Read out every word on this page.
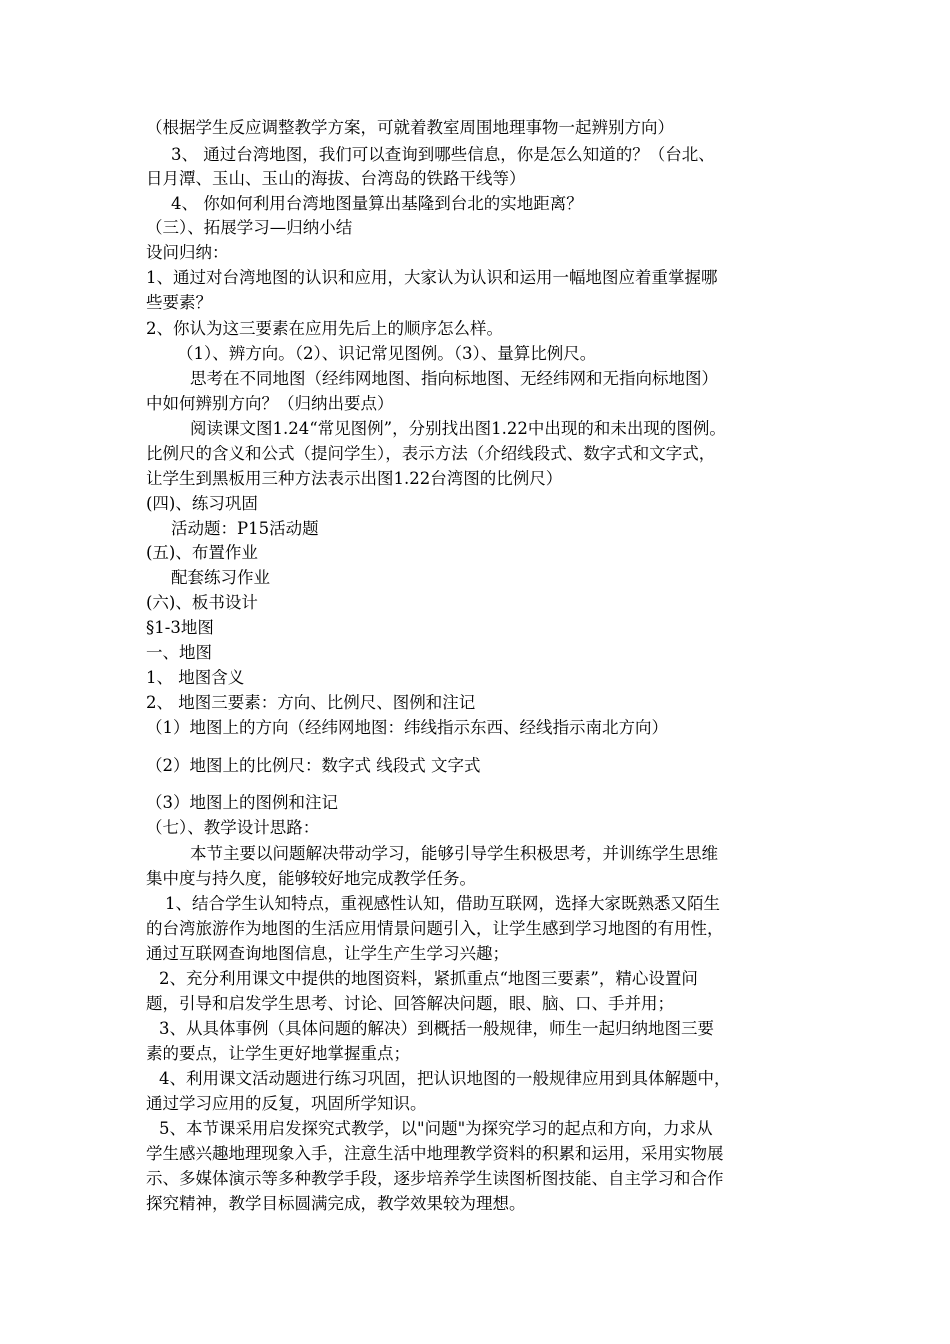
（根据学生反应调整教学方案，可就着教室周围地理事物一起辨别方向）
3、 通过台湾地图，我们可以查询到哪些信息，你是怎么知道的？（台北、
日月潭、玉山、玉山的海拔、台湾岛的铁路干线等）
4、 你如何利用台湾地图量算出基隆到台北的实地距离？
（三）、拓展学习—归纳小结
设问归纳：
1、通过对台湾地图的认识和应用，大家认为认识和运用一幅地图应着重掌握哪
些要素？
2、你认为这三要素在应用先后上的顺序怎么样。
（1）、辨方向。（2）、识记常见图例。（3）、量算比例尺。
思考在不同地图（经纬网地图、指向标地图、无经纬网和无指向标地图）
中如何辨别方向？（归纳出要点）
阅读课文图1.24“常见图例”，分别找出图1.22中出现的和未出现的图例。
比例尺的含义和公式（提问学生），表示方法（介绍线段式、数字式和文字式，
让学生到黑板用三种方法表示出图1.22台湾图的比例尺）
(四)、练习巩固
活动题：P15活动题
(五)、布置作业
配套练习作业
(六)、板书设计
§1-3地图
一、地图
1、 地图含义
2、 地图三要素：方向、比例尺、图例和注记
（1）地图上的方向（经纬网地图：纬线指示东西、经线指示南北方向）
（2）地图上的比例尺：数字式 线段式 文字式
（3）地图上的图例和注记
（七）、教学设计思路：
本节主要以问题解决带动学习，能够引导学生积极思考，并训练学生思维
集中度与持久度，能够较好地完成教学任务。
1、结合学生认知特点，重视感性认知，借助互联网，选择大家既熟悉又陌生
的台湾旅游作为地图的生活应用情景问题引入，让学生感到学习地图的有用性，
通过互联网查询地图信息，让学生产生学习兴趣；
2、充分利用课文中提供的地图资料，紧抓重点“地图三要素”，精心设置问
题，引导和启发学生思考、讨论、回答解决问题，眼、脑、口、手并用；
3、从具体事例（具体问题的解决）到概括一般规律，师生一起归纳地图三要
素的要点，让学生更好地掌握重点；
4、利用课文活动题进行练习巩固，把认识地图的一般规律应用到具体解题中，
通过学习应用的反复，巩固所学知识。
5、本节课采用启发探究式教学，以"问题"为探究学习的起点和方向，力求从
学生感兴趣地理现象入手，注意生活中地理教学资料的积累和运用，采用实物展
示、多媒体演示等多种教学手段，逐步培养学生读图析图技能、自主学习和合作
探究精神，教学目标圆满完成，教学效果较为理想。
